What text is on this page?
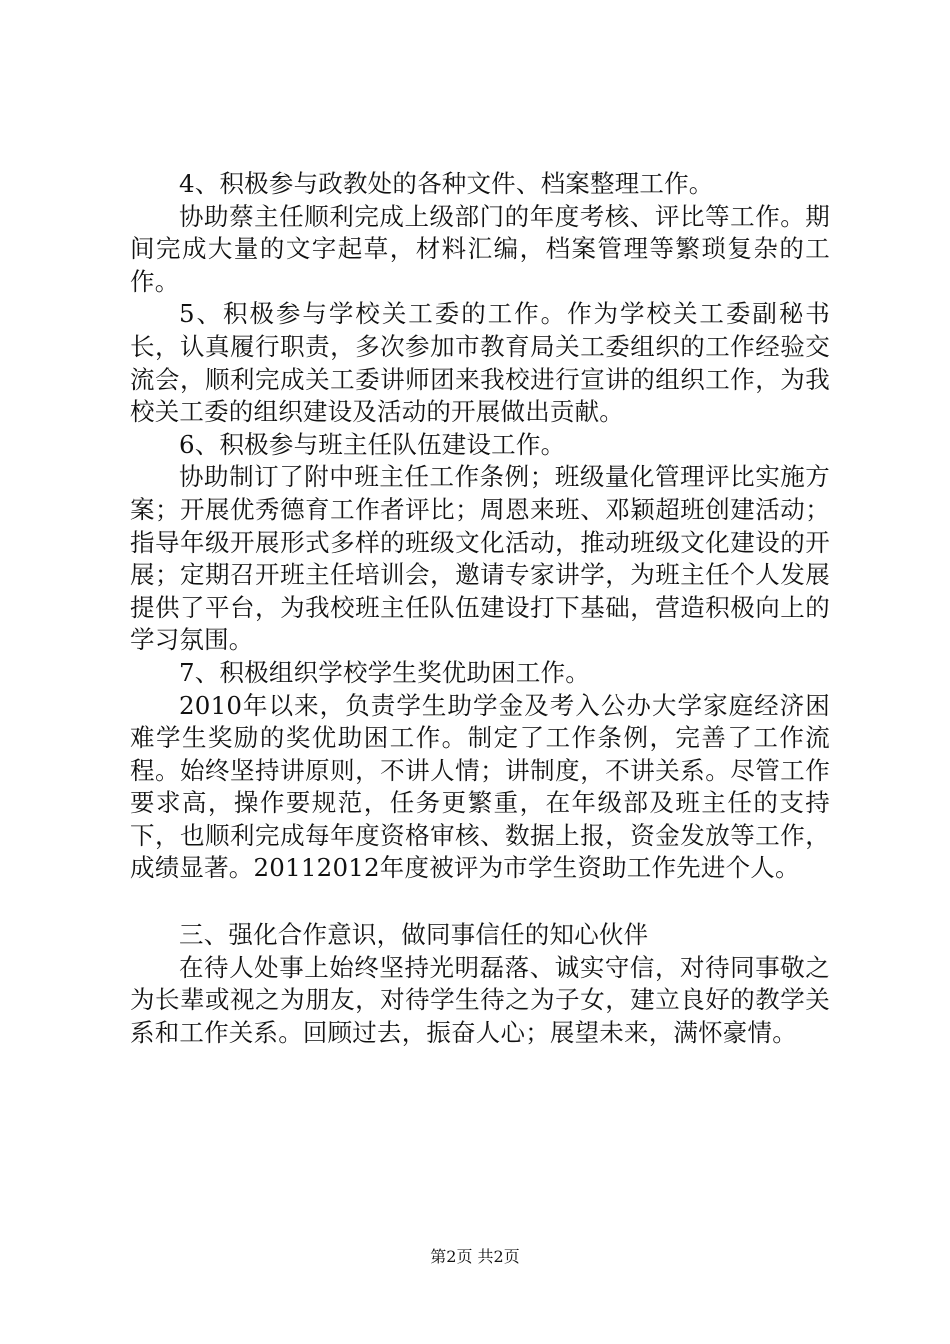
4、积极参与政教处的各种文件、档案整理工作。

协助蔡主任顺利完成上级部门的年度考核、评比等工作。期间完成大量的文字起草，材料汇编，档案管理等繁琐复杂的工作。

5、积极参与学校关工委的工作。作为学校关工委副秘书长，认真履行职责，多次参加市教育局关工委组织的工作经验交流会，顺利完成关工委讲师团来我校进行宣讲的组织工作，为我校关工委的组织建设及活动的开展做出贡献。

6、积极参与班主任队伍建设工作。

协助制订了附中班主任工作条例；班级量化管理评比实施方案；开展优秀德育工作者评比；周恩来班、邓颖超班创建活动；指导年级开展形式多样的班级文化活动，推动班级文化建设的开展；定期召开班主任培训会，邀请专家讲学，为班主任个人发展提供了平台，为我校班主任队伍建设打下基础，营造积极向上的学习氛围。

7、积极组织学校学生奖优助困工作。

2010年以来，负责学生助学金及考入公办大学家庭经济困难学生奖励的奖优助困工作。制定了工作条例，完善了工作流程。始终坚持讲原则，不讲人情；讲制度，不讲关系。尽管工作要求高，操作要规范，任务更繁重，在年级部及班主任的支持下，也顺利完成每年度资格审核、数据上报，资金发放等工作，成绩显著。20112012年度被评为市学生资助工作先进个人。

三、强化合作意识，做同事信任的知心伙伴

在待人处事上始终坚持光明磊落、诚实守信，对待同事敬之为长辈或视之为朋友，对待学生待之为子女，建立良好的教学关系和工作关系。回顾过去，振奋人心；展望未来，满怀豪情。

第2页 共2页
